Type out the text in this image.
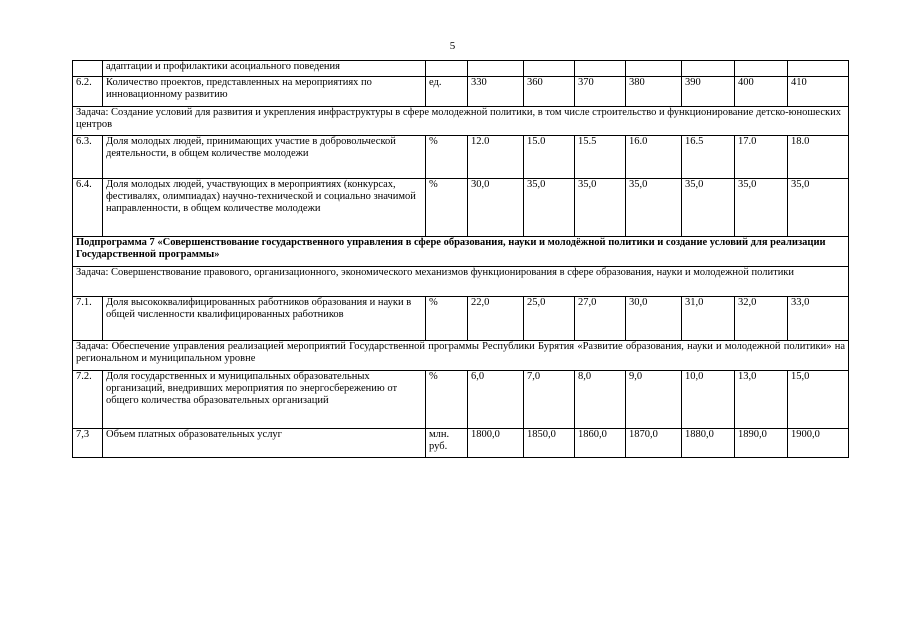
5
	адаптации и профилактики асоциального поведения								
6.2.	Количество проектов, представленных на мероприятиях по инновационному развитию	ед.	330	360	370	380	390	400	410
Задача: Создание условий для развития и укрепления инфраструктуры в сфере молодежной политики, в том числе строительство и функционирование детско-юношеских центров									
6.3.	Доля молодых людей, принимающих участие в добровольческой деятельности, в общем количестве молодежи	%	12.0	15.0	15.5	16.0	16.5	17.0	18.0
6.4.	Доля молодых людей, участвующих в мероприятиях (конкурсах, фестивалях, олимпиадах) научно-технической и социально значимой направленности, в общем количестве молодежи	%	30,0	35,0	35,0	35,0	35,0	35,0	35,0
Подпрограмма 7 «Совершенствование государственного управления в сфере образования, науки и молодёжной политики и создание условий для реализации Государственной программы»									
Задача: Совершенствование правового, организационного, экономического механизмов функционирования в сфере образования, науки и молодежной политики									
7.1.	Доля высококвалифицированных работников образования и науки в общей численности квалифицированных работников	%	22,0	25,0	27,0	30,0	31,0	32,0	33,0
Задача: Обеспечение управления реализацией мероприятий Государственной программы Республики Бурятия «Развитие образования, науки и молодежной политики» на региональном и муниципальном уровне									
7.2.	Доля государственных и муниципальных образовательных организаций, внедривших мероприятия по энергосбережению от общего количества образовательных организаций	%	6,0	7,0	8,0	9,0	10,0	13,0	15,0
7,3	Объем платных образовательных услуг	млн. руб.	1800,0	1850,0	1860,0	1870,0	1880,0	1890,0	1900,0
